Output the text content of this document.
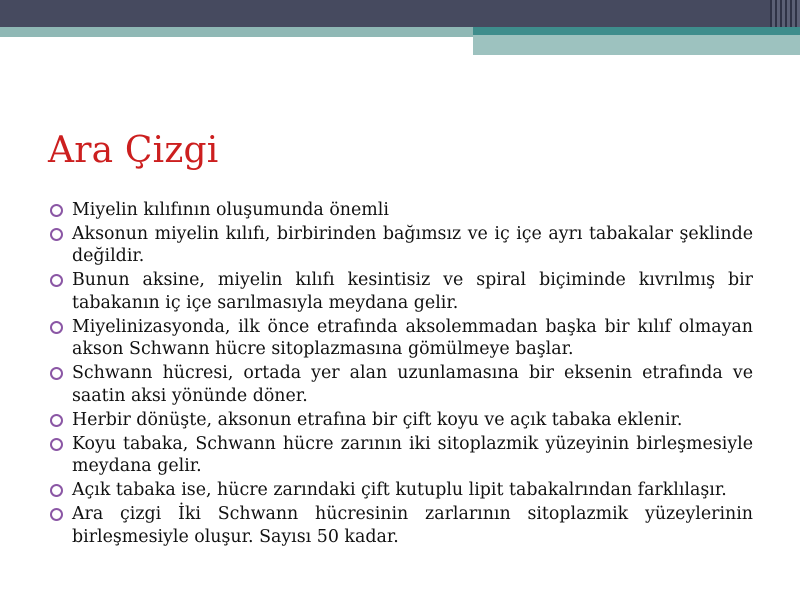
Ara Çizgi
Miyelin kılıfının oluşumunda önemli
Aksonun miyelin kılıfı, birbirinden bağımsız ve iç içe ayrı tabakalar şeklinde değildir.
Bunun aksine, miyelin kılıfı kesintisiz ve spiral biçiminde kıvrılmış bir tabakanın iç içe sarılmasıyla meydana gelir.
Miyelinizasyonda, ilk önce etrafında aksolemmadan başka bir kılıf olmayan akson Schwann hücre sitoplazmasına gömülmeye başlar.
Schwann hücresi, ortada yer alan uzunlamasına bir eksenin etrafında ve saatin aksi yönünde döner.
Herbir dönüşte, aksonun etrafına bir çift koyu ve açık tabaka eklenir.
Koyu tabaka, Schwann hücre zarının iki sitoplazmik yüzeyinin birleşmesiyle meydana gelir.
Açık tabaka ise, hücre zarındaki çift kutuplu lipit tabakalrından farklılaşır.
Ara çizgi İki Schwann hücresinin zarlarının sitoplazmik yüzeylerinin birleşmesiyle oluşur. Sayısı 50 kadar.
